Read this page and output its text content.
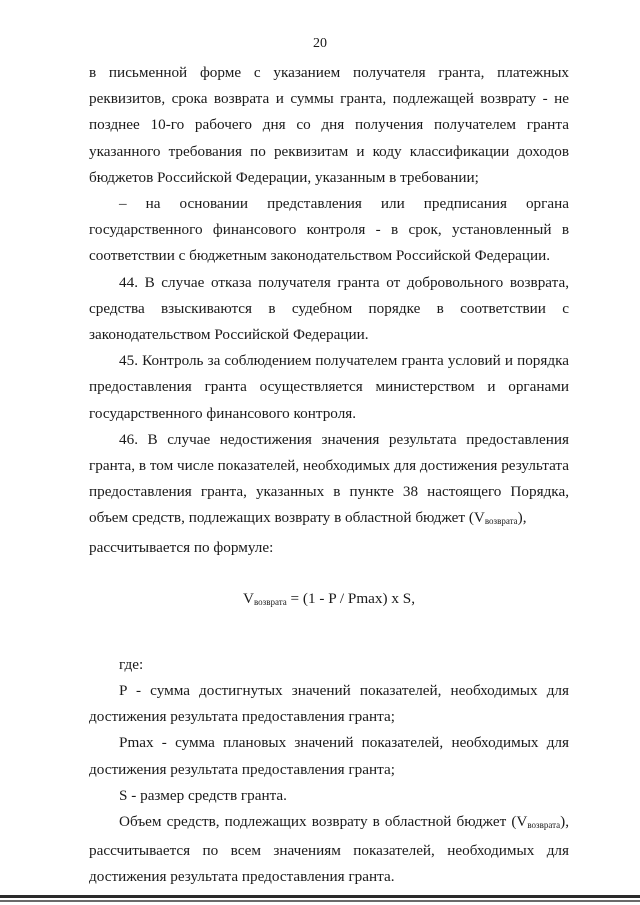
20

в письменной форме с указанием получателя гранта, платежных реквизитов, срока возврата и суммы гранта, подлежащей возврату - не позднее 10-го рабочего дня со дня получения получателем гранта указанного требования по реквизитам и коду классификации доходов бюджетов Российской Федерации, указанным в требовании;

– на основании представления или предписания органа государственного финансового контроля - в срок, установленный в соответствии с бюджетным законодательством Российской Федерации.

44. В случае отказа получателя гранта от добровольного возврата, средства взыскиваются в судебном порядке в соответствии с законодательством Российской Федерации.

45. Контроль за соблюдением получателем гранта условий и порядка предоставления гранта осуществляется министерством и органами государственного финансового контроля.

46. В случае недостижения значения результата предоставления гранта, в том числе показателей, необходимых для достижения результата предоставления гранта, указанных в пункте 38 настоящего Порядка, объем средств, подлежащих возврату в областной бюджет $(V_{возврата})$,
рассчитывается по формуле:

$V_{возврата} = (1 - P / Pmax)$ x S,

где:

P - сумма достигнутых значений показателей, необходимых для достижения результата предоставления гранта;

Pmax - сумма плановых значений показателей, необходимых для достижения результата предоставления гранта;

S - размер средств гранта.

Объем средств, подлежащих возврату в областной бюджет $(V_{возврата})$, рассчитывается по всем значениям показателей, необходимых для достижения результата предоставления гранта.
